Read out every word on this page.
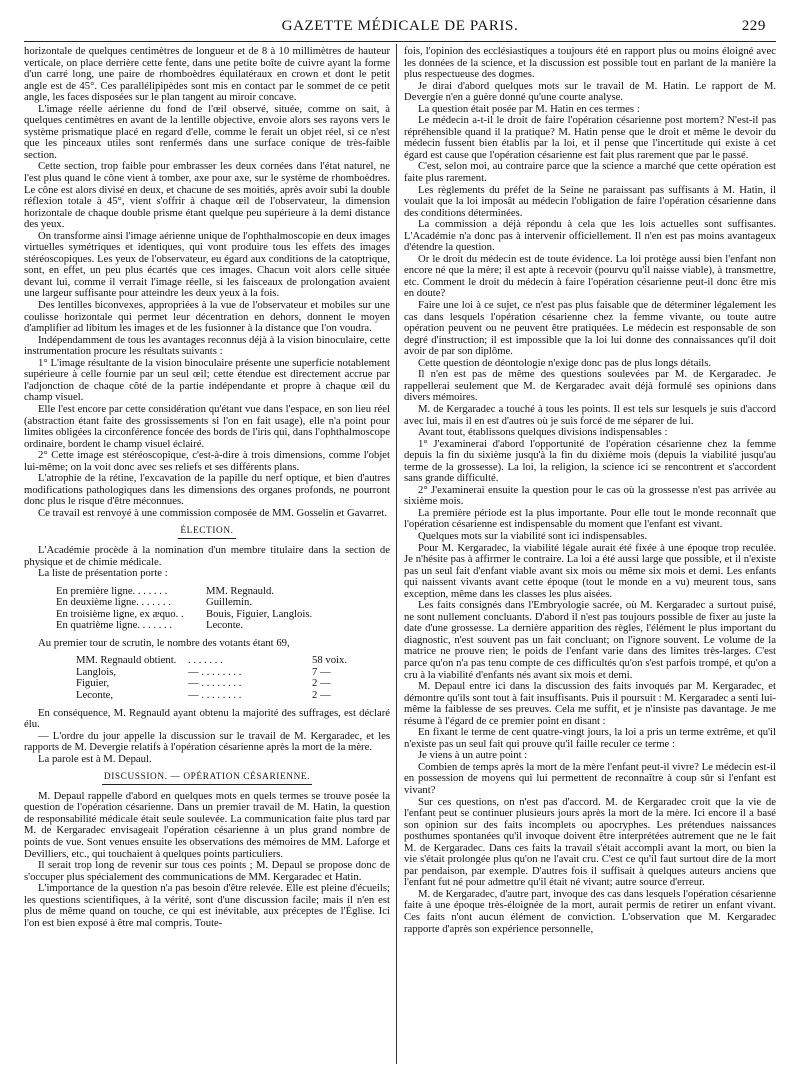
GAZETTE MÉDICALE DE PARIS.	229

horizontale de quelques centimètres de longueur et de 8 à 10 millimètres de hauteur verticale, on place derrière cette fente, dans une petite boîte de cuivre ayant la forme d'un carré long, une paire de rhomboèdres équilatéraux en crown et dont le petit angle est de 45°. Ces parallélipipèdes sont mis en contact par le sommet de ce petit angle, les faces disposées sur le plan tangent au miroir concave.

L'image réelle aérienne du fond de l'œil observé, située, comme on sait, à quelques centimètres en avant de la lentille objective, envoie alors ses rayons vers le système prismatique placé en regard d'elle, comme le ferait un objet réel, si ce n'est que les pinceaux utiles sont renfermés dans une surface conique de très-faible section.

Cette section, trop faible pour embrasser les deux cornées dans l'état naturel, ne l'est plus quand le cône vient à tomber, axe pour axe, sur le système de rhomboèdres. Le cône est alors divisé en deux, et chacune de ses moitiés, après avoir subi la double réflexion totale à 45°, vient s'offrir à chaque œil de l'observateur, la dimension horizontale de chaque double prisme étant quelque peu supérieure à la demi distance des yeux.

On transforme ainsi l'image aérienne unique de l'ophthalmoscopie en deux images virtuelles symétriques et identiques, qui vont produire tous les effets des images stéréoscopiques. Les yeux de l'observateur, eu égard aux conditions de la catoptrique, sont, en effet, un peu plus écartés que ces images. Chacun voit alors celle située devant lui, comme il verrait l'image réelle, si les faisceaux de prolongation avaient une largeur suffisante pour atteindre les deux yeux à la fois.

Des lentilles biconvexes, appropriées à la vue de l'observateur et mobiles sur une coulisse horizontale qui permet leur décentration en dehors, donnent le moyen d'amplifier ad libitum les images et de les fusionner à la distance que l'on voudra.

Indépendamment de tous les avantages reconnus déjà à la vision binoculaire, cette instrumentation procure les résultats suivants :

1° L'image résultante de la vision binoculaire présente une superficie notablement supérieure à celle fournie par un seul œil; cette étendue est directement accrue par l'adjonction de chaque côté de la partie indépendante et propre à chaque œil du champ visuel.

Elle l'est encore par cette considération qu'étant vue dans l'espace, en son lieu réel (abstraction étant faite des grossissements si l'on en fait usage), elle n'a point pour limites obligées la circonférence foncée des bords de l'iris qui, dans l'ophthalmoscope ordinaire, bordent le champ visuel éclairé.

2° Cette image est stéréoscopique, c'est-à-dire à trois dimensions, comme l'objet lui-même; on la voit donc avec ses reliefs et ses différents plans.

L'atrophie de la rétine, l'excavation de la papille du nerf optique, et bien d'autres modifications pathologiques dans les dimensions des organes profonds, ne pourront donc plus le risque d'être méconnues.

Ce travail est renvoyé à une commission composée de MM. Gosselin et Gavarret.

ÉLECTION.

L'Académie procède à la nomination d'un membre titulaire dans la section de physique et de chimie médicale.

La liste de présentation porte :

En première ligne. . . . . . .	MM. Regnauld.
En deuxième ligne. . . . . . .	Guillemin.
En troisième ligne, ex æquo. .	Bouis, Figuier, Langlois.
En quatrième ligne. . . . . . .	Leconte.

Au premier tour de scrutin, le nombre des votants étant 69,

MM. Regnauld obtient.	. . . . . . .	58 voix.
Langlois,	— . . . . . . . .	7 —
Figuier,	— . . . . . . . .	2 —
Leconte,	— . . . . . . . .	2 —

En conséquence, M. Regnauld ayant obtenu la majorité des suffrages, est déclaré élu.

— L'ordre du jour appelle la discussion sur le travail de M. Kergaradec, et les rapports de M. Devergie relatifs à l'opération césarienne après la mort de la mère.

La parole est à M. Depaul.

DISCUSSION. — OPÉRATION CÉSARIENNE.

M. Depaul rappelle d'abord en quelques mots en quels termes se trouve posée la question de l'opération césarienne. Dans un premier travail de M. Hatin, la question de responsabilité médicale était seule soulevée. La communication faite plus tard par M. de Kergaradec envisageait l'opération césarienne à un plus grand nombre de points de vue. Sont venues ensuite les observations des mémoires de MM. Laforge et Devilliers, etc., qui touchaient à quelques points particuliers.

Il serait trop long de revenir sur tous ces points ; M. Depaul se propose donc de s'occuper plus spécialement des communications de MM. Kergaradec et Hatin.

L'importance de la question n'a pas besoin d'être relevée. Elle est pleine d'écueils; les questions scientifiques, à la vérité, sont d'une discussion facile; mais il n'en est plus de même quand on touche, ce qui est inévitable, aux préceptes de l'Église. Ici l'on est bien exposé à être mal compris. Toute-

fois, l'opinion des ecclésiastiques a toujours été en rapport plus ou moins éloigné avec les données de la science, et la discussion est possible tout en parlant de la manière la plus respectueuse des dogmes.

Je dirai d'abord quelques mots sur le travail de M. Hatin. Le rapport de M. Devergie n'en a guère donné qu'une courte analyse.

La question était posée par M. Hatin en ces termes :

Le médecin a-t-il le droit de faire l'opération césarienne post mortem? N'est-il pas répréhensible quand il la pratique? M. Hatin pense que le droit et même le devoir du médecin fussent bien établis par la loi, et il pense que l'incertitude qui existe à cet égard est cause que l'opération césarienne est fait plus rarement que par le passé.

C'est, selon moi, au contraire parce que la science a marché que cette opération est faite plus rarement.

Les règlements du préfet de la Seine ne paraissant pas suffisants à M. Hatin, il voulait que la loi imposât au médecin l'obligation de faire l'opération césarienne dans des conditions déterminées.

La commission a déjà répondu à cela que les lois actuelles sont suffisantes. L'Académie n'a donc pas à intervenir officiellement. Il n'en est pas moins avantageux d'étendre la question.

Or le droit du médecin est de toute évidence. La loi protège aussi bien l'enfant non encore né que la mère; il est apte à recevoir (pourvu qu'il naisse viable), à transmettre, etc. Comment le droit du médecin à faire l'opération césarienne peut-il donc être mis en doute?

Faire une loi à ce sujet, ce n'est pas plus faisable que de déterminer légalement les cas dans lesquels l'opération césarienne chez la femme vivante, ou toute autre opération peuvent ou ne peuvent être pratiquées. Le médecin est responsable de son degré d'instruction; il est impossible que la loi lui donne des connaissances qu'il doit avoir de par son diplôme.

Cette question de déontologie n'exige donc pas de plus longs détails.

Il n'en est pas de même des questions soulevées par M. de Kergaradec. Je rappellerai seulement que M. de Kergaradec avait déjà formulé ses opinions dans divers mémoires.

M. de Kergaradec a touché à tous les points. Il est tels sur lesquels je suis d'accord avec lui, mais il en est d'autres où je suis forcé de me séparer de lui.

Avant tout, établissons quelques divisions indispensables :

1° J'examinerai d'abord l'opportunité de l'opération césarienne chez la femme depuis la fin du sixième jusqu'à la fin du dixième mois (depuis la viabilité jusqu'au terme de la grossesse). La loi, la religion, la science ici se rencontrent et s'accordent sans grande difficulté.

2° J'examinerai ensuite la question pour le cas où la grossesse n'est pas arrivée au sixième mois.

La première période est la plus importante. Pour elle tout le monde reconnaît que l'opération césarienne est indispensable du moment que l'enfant est vivant.

Quelques mots sur la viabilité sont ici indispensables.

Pour M. Kergaradec, la viabilité légale aurait été fixée à une époque trop reculée. Je n'hésite pas à affirmer le contraire. La loi a été aussi large que possible, et il n'existe pas un seul fait d'enfant viable avant six mois ou même six mois et demi. Les enfants qui naissent vivants avant cette époque (tout le monde en a vu) meurent tous, sans exception, même dans les classes les plus aisées.

Les faits consignés dans l'Embryologie sacrée, où M. Kergaradec a surtout puisé, ne sont nullement concluants. D'abord il n'est pas toujours possible de fixer au juste la date d'une grossesse. La dernière apparition des règles, l'élément le plus important du diagnostic, n'est souvent pas un fait concluant; on l'ignore souvent. Le volume de la matrice ne prouve rien; le poids de l'enfant varie dans des limites très-larges. C'est parce qu'on n'a pas tenu compte de ces difficultés qu'on s'est parfois trompé, et qu'on a cru à la viabilité d'enfants nés avant six mois et demi.

M. Depaul entre ici dans la discussion des faits invoqués par M. Kergaradec, et démontre qu'ils sont tout à fait insuffisants. Puis il poursuit : M. Kergaradec a senti lui-même la faiblesse de ses preuves. Cela me suffit, et je n'insiste pas davantage. Je me résume à l'égard de ce premier point en disant :

En fixant le terme de cent quatre-vingt jours, la loi a pris un terme extrême, et qu'il n'existe pas un seul fait qui prouve qu'il faille reculer ce terme :

Je viens à un autre point :

Combien de temps après la mort de la mère l'enfant peut-il vivre? Le médecin est-il en possession de moyens qui lui permettent de reconnaître à coup sûr si l'enfant est vivant?

Sur ces questions, on n'est pas d'accord. M. de Kergaradec croit que la vie de l'enfant peut se continuer plusieurs jours après la mort de la mère. Ici encore il a basé son opinion sur des faits incomplets ou apocryphes. Les prétendues naissances posthumes spontanées qu'il invoque doivent être interprétées autrement que ne le fait M. de Kergaradec. Dans ces faits la travail s'était accompli avant la mort, ou bien la vie s'était prolongée plus qu'on ne l'avait cru. C'est ce qu'il faut surtout dire de la mort par pendaison, par exemple. D'autres fois il suffisait à quelques auteurs anciens que l'enfant fut né pour admettre qu'il était né vivant; autre source d'erreur.

M. de Kergaradec, d'autre part, invoque des cas dans lesquels l'opération césarienne faite à une époque très-éloignée de la mort, aurait permis de retirer un enfant vivant. Ces faits n'ont aucun élément de conviction. L'observation que M. Kergaradec rapporte d'après son expérience personnelle,
